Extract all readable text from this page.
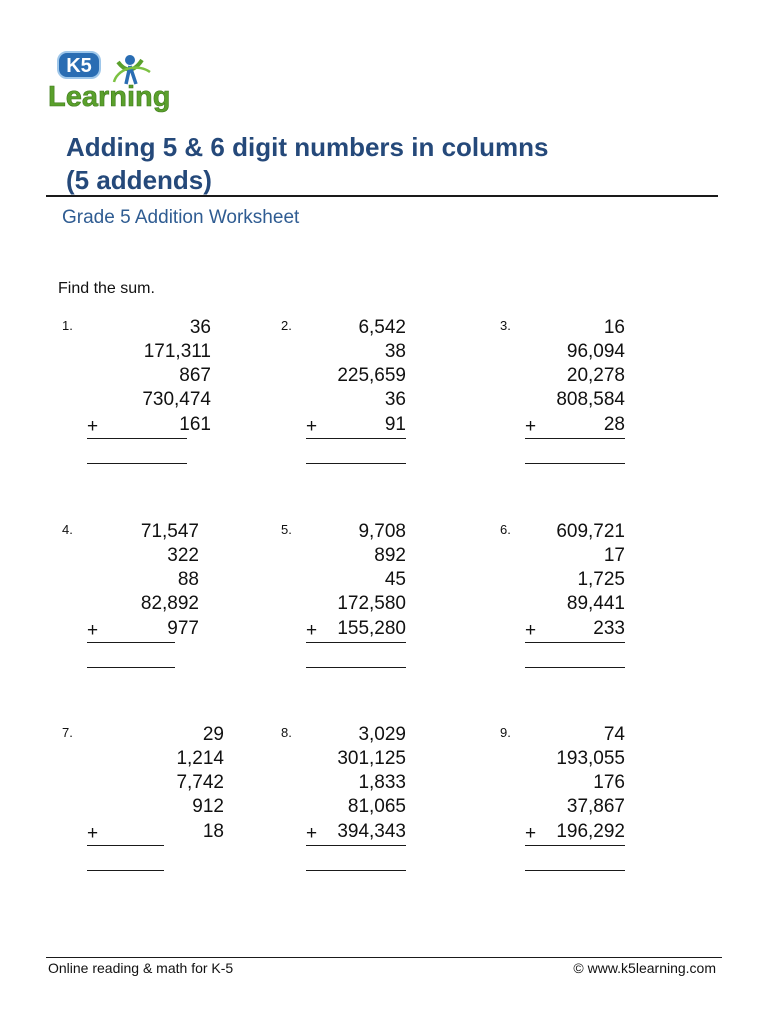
K5
Learning
Adding 5 & 6 digit numbers in columns
(5 addends)
Grade 5 Addition Worksheet
Find the sum.
1.	36
171,311
867
730,474
+	161
2.	6,542
38
225,659
36
+	91
3.	16
96,094
20,278
808,584
+	28
4.	71,547
322
88
82,892
+	977
5.	9,708
892
45
172,580
+ 155,280
6. 609,721
17
1,725
89,441
+	233
7.	29
1,214
7,742
912
+	18
8.	3,029
301,125
1,833
81,065
+ 394,343
9.	74
193,055
176
37,867
+ 196,292
Online reading & math for K-5	© www.k5learning.com
